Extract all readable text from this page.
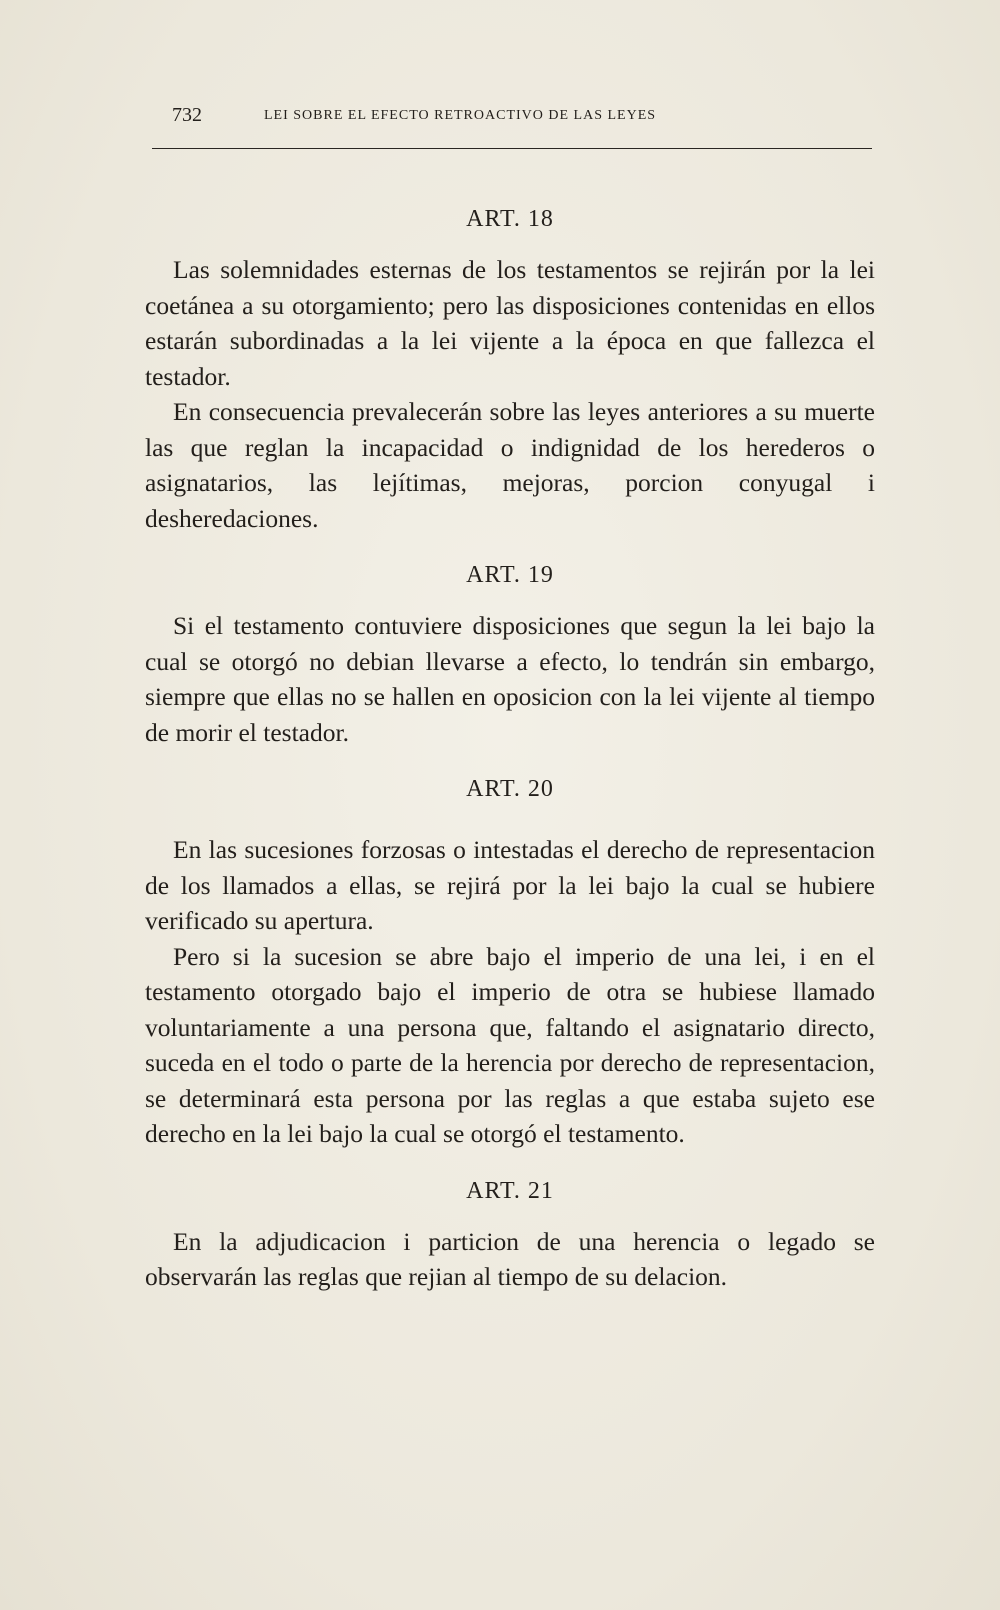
732	LEI SOBRE EL EFECTO RETROACTIVO DE LAS LEYES
ART. 18

Las solemnidades esternas de los testamentos se rejirán por la lei coetánea a su otorgamiento; pero las disposiciones contenidas en ellos estarán subordinadas a la lei vijente a la época en que fallezca el testador.

En consecuencia prevalecerán sobre las leyes anteriores a su muerte las que reglan la incapacidad o indignidad de los herederos o asignatarios, las lejítimas, mejoras, porcion conyugal i desheredaciones.

ART. 19

Si el testamento contuviere disposiciones que segun la lei bajo la cual se otorgó no debian llevarse a efecto, lo tendrán sin embargo, siempre que ellas no se hallen en oposicion con la lei vijente al tiempo de morir el testador.

ART. 20

En las sucesiones forzosas o intestadas el derecho de representacion de los llamados a ellas, se rejirá por la lei bajo la cual se hubiere verificado su apertura.

Pero si la sucesion se abre bajo el imperio de una lei, i en el testamento otorgado bajo el imperio de otra se hubiese llamado voluntariamente a una persona que, faltando el asignatario directo, suceda en el todo o parte de la herencia por derecho de representacion, se determinará esta persona por las reglas a que estaba sujeto ese derecho en la lei bajo la cual se otorgó el testamento.

ART. 21

En la adjudicacion i particion de una herencia o legado se observarán las reglas que rejian al tiempo de su delacion.
